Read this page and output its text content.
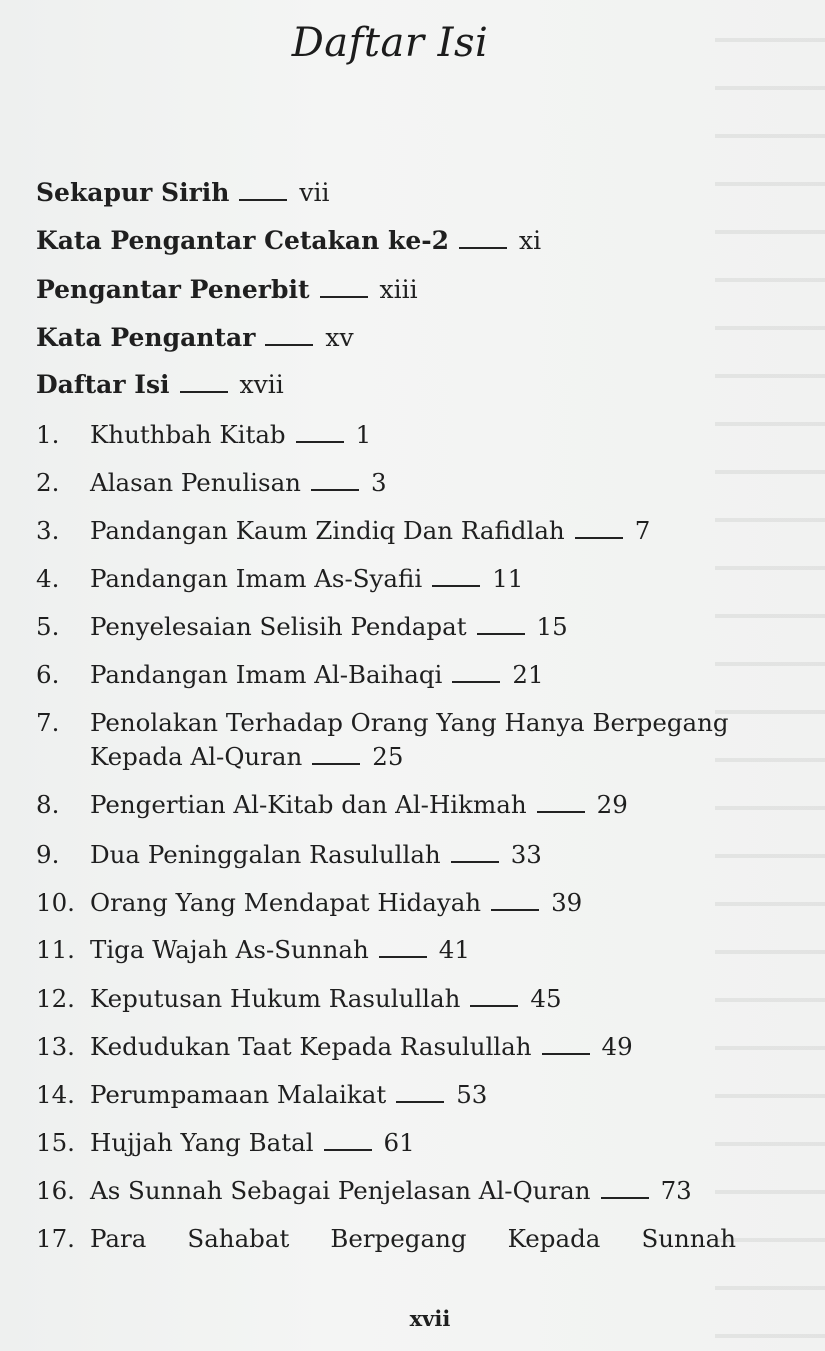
Daftar Isi
Sekapur Sirih	vii
Kata Pengantar Cetakan ke-2	xi
Pengantar Penerbit	xiii
Kata Pengantar	xv
Daftar Isi	xvii
1. Khuthbah Kitab	1
2. Alasan Penulisan	3
3. Pandangan Kaum Zindiq Dan Rafidlah	7
4. Pandangan Imam As-Syafii	11
5. Penyelesaian Selisih Pendapat	15
6. Pandangan Imam Al-Baihaqi	21
7. Penolakan Terhadap Orang Yang Hanya Berpegang
Kepada Al-Quran	25
8. Pengertian Al-Kitab dan Al-Hikmah	29
9. Dua Peninggalan Rasulullah	33
10. Orang Yang Mendapat Hidayah	39
11. Tiga Wajah As-Sunnah	41
12. Keputusan Hukum Rasulullah	45
13. Kedudukan Taat Kepada Rasulullah	49
14. Perumpamaan Malaikat	53
15. Hujjah Yang Batal	61
16. As Sunnah Sebagai Penjelasan Al-Quran	73
17. Para Sahabat Berpegang Kepada Sunnah
xvii
